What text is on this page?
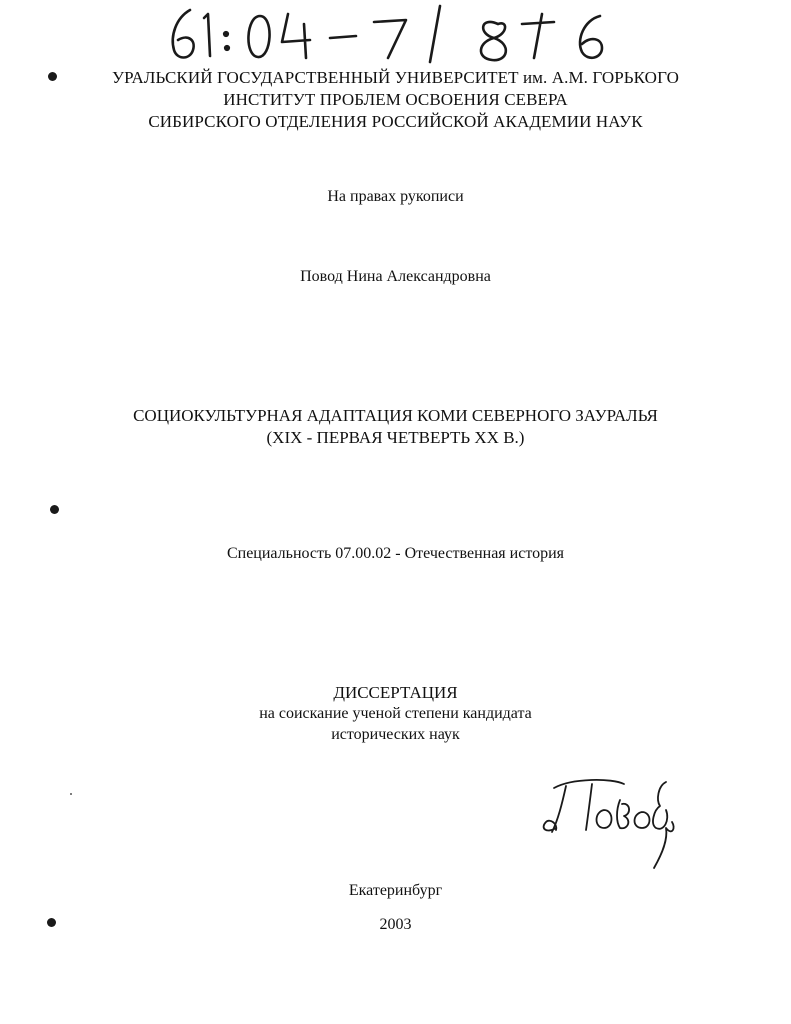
УРАЛЬСКИЙ ГОСУДАРСТВЕННЫЙ УНИВЕРСИТЕТ им. А.М. ГОРЬКОГО
ИНСТИТУТ ПРОБЛЕМ ОСВОЕНИЯ СЕВЕРА
СИБИРСКОГО ОТДЕЛЕНИЯ РОССИЙСКОЙ АКАДЕМИИ НАУК
На правах рукописи
Повод Нина Александровна
СОЦИОКУЛЬТУРНАЯ АДАПТАЦИЯ КОМИ СЕВЕРНОГО ЗАУРАЛЬЯ
(XIX - ПЕРВАЯ ЧЕТВЕРТЬ XX В.)
Специальность 07.00.02 - Отечественная история
ДИССЕРТАЦИЯ
на соискание ученой степени кандидата
исторических наук
Екатеринбург
2003
